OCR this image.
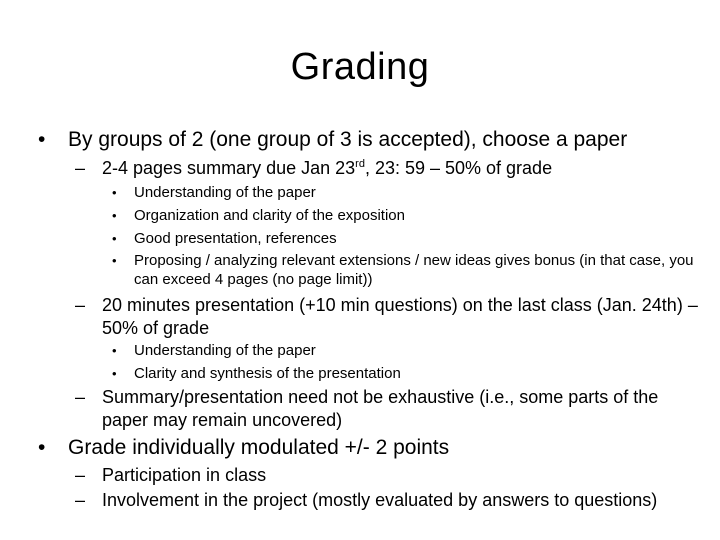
Grading
• By groups of 2 (one group of 3 is accepted), choose a paper
– 2-4 pages summary due Jan 23rd, 23: 59 – 50% of grade
• Understanding of the paper
• Organization and clarity of the exposition
• Good presentation, references
• Proposing / analyzing relevant extensions / new ideas gives bonus (in that case, you can exceed 4 pages (no page limit))
– 20 minutes presentation (+10 min questions) on the last class (Jan. 24th) – 50% of grade
• Understanding of the paper
• Clarity and synthesis of the presentation
– Summary/presentation need not be exhaustive (i.e., some parts of the paper may remain uncovered)
• Grade individually modulated +/- 2 points
– Participation in class
– Involvement in the project (mostly evaluated by answers to questions)
